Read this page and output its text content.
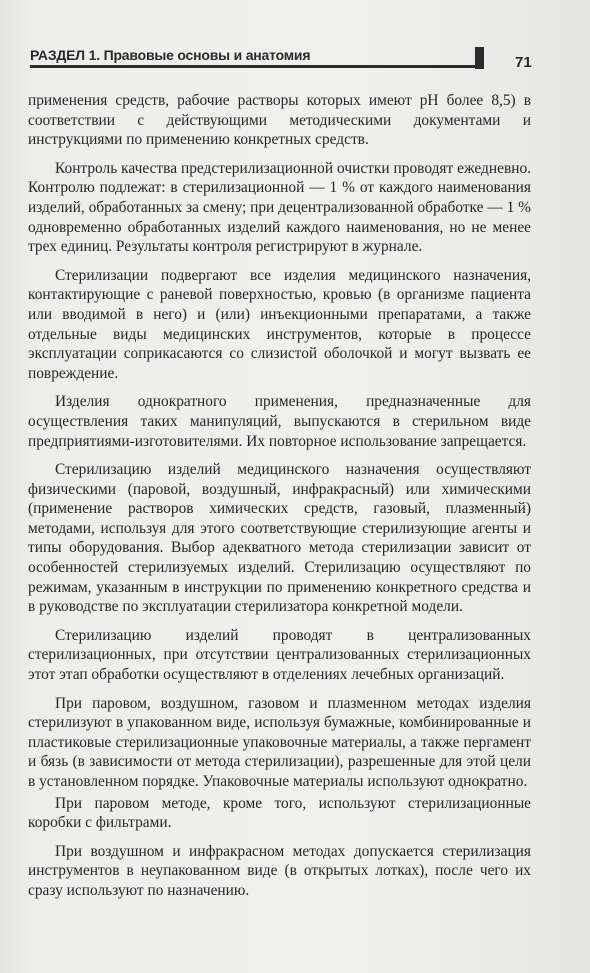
РАЗДЕЛ 1. Правовые основы и анатомия	71

применения средств, рабочие растворы которых имеют pH более 8,5) в соответствии с действующими методическими документами и инструкциями по применению конкретных средств.

Контроль качества предстерилизационной очистки проводят ежедневно. Контролю подлежат: в стерилизационной — 1 % от каждого наименования изделий, обработанных за смену; при децентрализованной обработке — 1 % одновременно обработанных изделий каждого наименования, но не менее трех единиц. Результаты контроля регистрируют в журнале.

Стерилизации подвергают все изделия медицинского назначения, контактирующие с раневой поверхностью, кровью (в организме пациента или вводимой в него) и (или) инъекционными препаратами, а также отдельные виды медицинских инструментов, которые в процессе эксплуатации соприкасаются со слизистой оболочкой и могут вызвать ее повреждение.

Изделия однократного применения, предназначенные для осуществления таких манипуляций, выпускаются в стерильном виде предприятиями-изготовителями. Их повторное использование запрещается.

Стерилизацию изделий медицинского назначения осуществляют физическими (паровой, воздушный, инфракрасный) или химическими (применение растворов химических средств, газовый, плазменный) методами, используя для этого соответствующие стерилизующие агенты и типы оборудования. Выбор адекватного метода стерилизации зависит от особенностей стерилизуемых изделий. Стерилизацию осуществляют по режимам, указанным в инструкции по применению конкретного средства и в руководстве по эксплуатации стерилизатора конкретной модели.

Стерилизацию изделий проводят в централизованных стерилизационных, при отсутствии централизованных стерилизационных этот этап обработки осуществляют в отделениях лечебных организаций.

При паровом, воздушном, газовом и плазменном методах изделия стерилизуют в упакованном виде, используя бумажные, комбинированные и пластиковые стерилизационные упаковочные материалы, а также пергамент и бязь (в зависимости от метода стерилизации), разрешенные для этой цели в установленном порядке. Упаковочные материалы используют однократно.

При паровом методе, кроме того, используют стерилизационные коробки с фильтрами.

При воздушном и инфракрасном методах допускается стерилизация инструментов в неупакованном виде (в открытых лотках), после чего их сразу используют по назначению.
